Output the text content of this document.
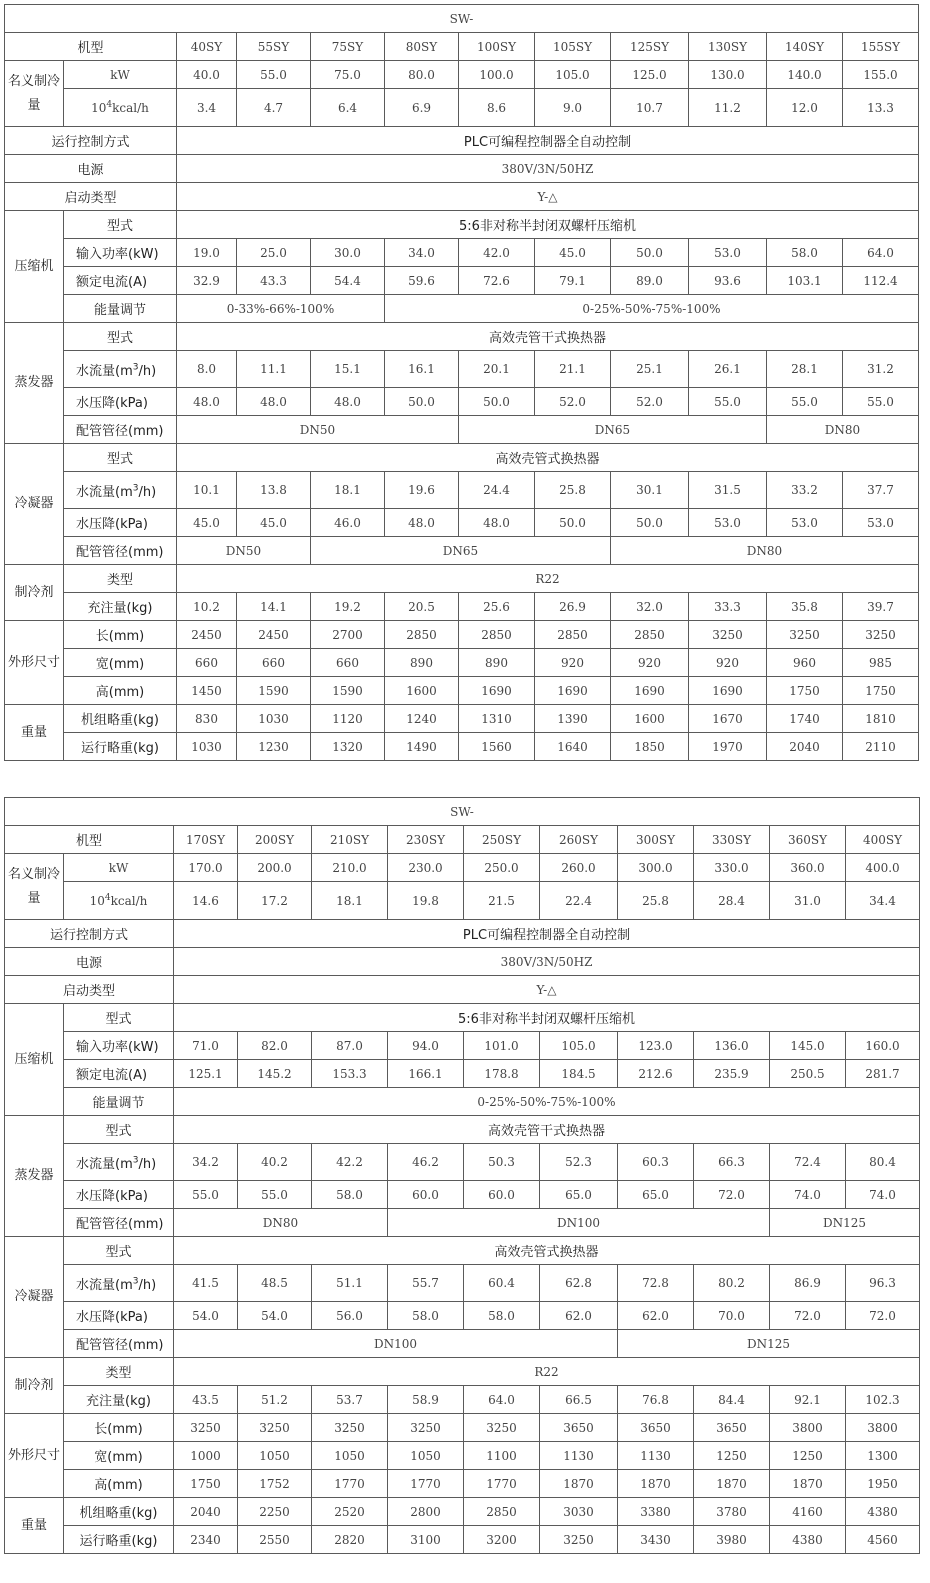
SW-											
机型		40SY	55SY	75SY	80SY	100SY	105SY	125SY	130SY	140SY	155SY
名义制冷量	kW	40.0	55.0	75.0	80.0	100.0	105.0	125.0	130.0	140.0	155.0
	$10^4kcal/h$	3.4	4.7	6.4	6.9	8.6	9.0	10.7	11.2	12.0	13.3
运行控制方式		PLC可编程控制器全自动控制									
电源		380V/3N/50HZ									
启动类型		Y-△									
压缩机	型式	5:6非对称半封闭双螺杆压缩机									
	输入功率(kW)	19.0	25.0	30.0	34.0	42.0	45.0	50.0	53.0	58.0	64.0
	额定电流(A)	32.9	43.3	54.4	59.6	72.6	79.1	89.0	93.6	103.1	112.4
	能量调节	0-33%-66%-100%			0-25%-50%-75%-100%						
蒸发器	型式	高效壳管干式换热器									
	水流量$(m^3/h)$	8.0	11.1	15.1	16.1	20.1	21.1	25.1	26.1	28.1	31.2
	水压降(kPa)	48.0	48.0	48.0	50.0	50.0	52.0	52.0	55.0	55.0	55.0
	配管管径(mm)	DN50				DN65				DN80	
冷凝器	型式	高效壳管式换热器									
	水流量$(m^3/h)$	10.1	13.8	18.1	19.6	24.4	25.8	30.1	31.5	33.2	37.7
	水压降(kPa)	45.0	45.0	46.0	48.0	48.0	50.0	50.0	53.0	53.0	53.0
	配管管径(mm)	DN50		DN65				DN80			
制冷剂	类型	R22									
	充注量(kg)	10.2	14.1	19.2	20.5	25.6	26.9	32.0	33.3	35.8	39.7
外形尺寸	长(mm)	2450	2450	2700	2850	2850	2850	2850	3250	3250	3250
	宽(mm)	660	660	660	890	890	920	920	920	960	985
	高(mm)	1450	1590	1590	1600	1690	1690	1690	1690	1750	1750
重量	机组略重(kg)	830	1030	1120	1240	1310	1390	1600	1670	1740	1810
	运行略重(kg)	1030	1230	1320	1490	1560	1640	1850	1970	2040	2110
SW-											
机型		170SY	200SY	210SY	230SY	250SY	260SY	300SY	330SY	360SY	400SY
名义制冷量	kW	170.0	200.0	210.0	230.0	250.0	260.0	300.0	330.0	360.0	400.0
	$10^4kcal/h$	14.6	17.2	18.1	19.8	21.5	22.4	25.8	28.4	31.0	34.4
运行控制方式		PLC可编程控制器全自动控制									
电源		380V/3N/50HZ									
启动类型		Y-△									
压缩机	型式	5:6非对称半封闭双螺杆压缩机									
	输入功率(kW)	71.0	82.0	87.0	94.0	101.0	105.0	123.0	136.0	145.0	160.0
	额定电流(A)	125.1	145.2	153.3	166.1	178.8	184.5	212.6	235.9	250.5	281.7
	能量调节	0-25%-50%-75%-100%									
蒸发器	型式	高效壳管干式换热器									
	水流量$(m^3/h)$	34.2	40.2	42.2	46.2	50.3	52.3	60.3	66.3	72.4	80.4
	水压降(kPa)	55.0	55.0	58.0	60.0	60.0	65.0	65.0	72.0	74.0	74.0
	配管管径(mm)	DN80			DN100					DN125	
冷凝器	型式	高效壳管式换热器									
	水流量$(m^3/h)$	41.5	48.5	51.1	55.7	60.4	62.8	72.8	80.2	86.9	96.3
	水压降(kPa)	54.0	54.0	56.0	58.0	58.0	62.0	62.0	70.0	72.0	72.0
	配管管径(mm)	DN100						DN125			
制冷剂	类型	R22									
	充注量(kg)	43.5	51.2	53.7	58.9	64.0	66.5	76.8	84.4	92.1	102.3
外形尺寸	长(mm)	3250	3250	3250	3250	3250	3650	3650	3650	3800	3800
	宽(mm)	1000	1050	1050	1050	1100	1130	1130	1250	1250	1300
	高(mm)	1750	1752	1770	1770	1770	1870	1870	1870	1870	1950
重量	机组略重(kg)	2040	2250	2520	2800	2850	3030	3380	3780	4160	4380
	运行略重(kg)	2340	2550	2820	3100	3200	3250	3430	3980	4380	4560
